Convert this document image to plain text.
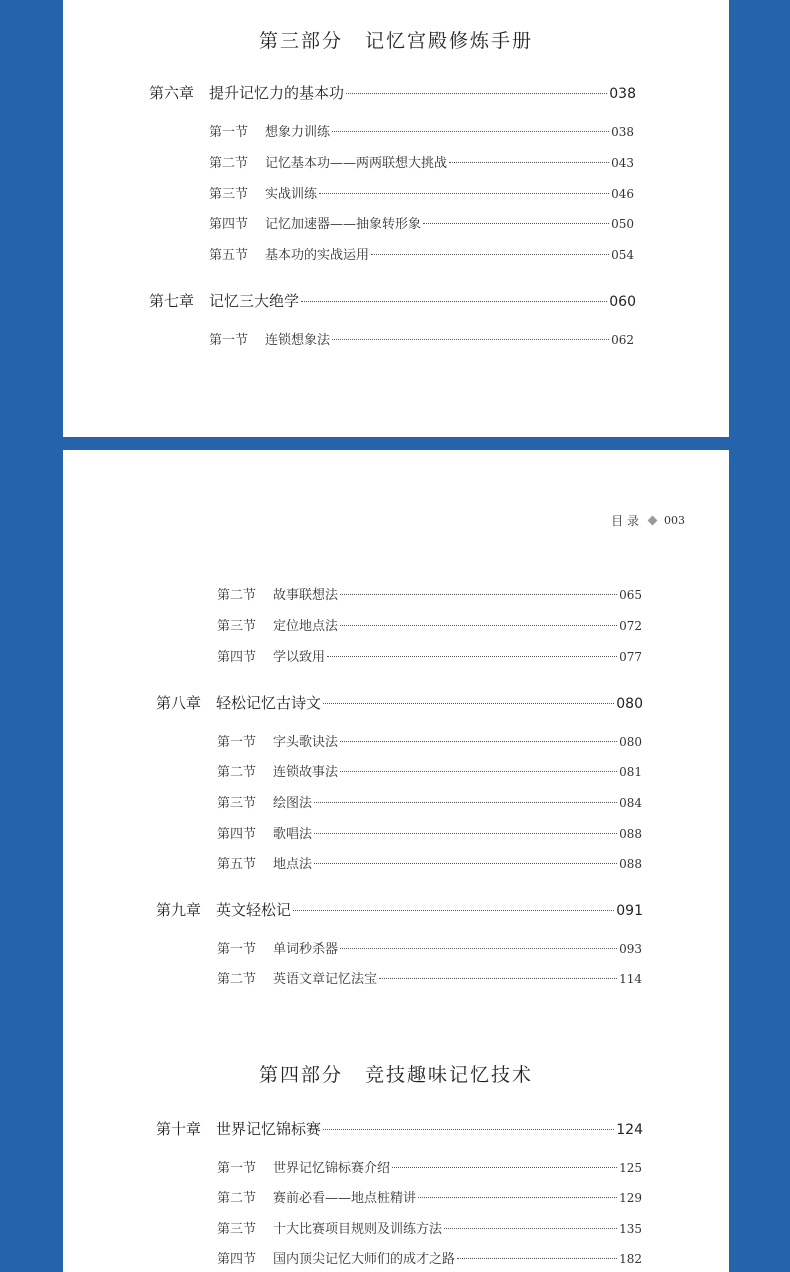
第三部分 记忆宫殿修炼手册
第六章 提升记忆力的基本功	038
第一节	想象力训练	038
第二节	记忆基本功——两两联想大挑战	043
第三节	实战训练	046
第四节	记忆加速器——抽象转形象	050
第五节	基本功的实战运用	054
第七章 记忆三大绝学	060
第一节	连锁想象法	062
目 录 003
第二节	故事联想法	065
第三节	定位地点法	072
第四节	学以致用	077
第八章 轻松记忆古诗文	080
第一节	字头歌诀法	080
第二节	连锁故事法	081
第三节	绘图法	084
第四节	歌唱法	088
第五节	地点法	088
第九章 英文轻松记	091
第一节	单词秒杀器	093
第二节	英语文章记忆法宝	114
第四部分 竞技趣味记忆技术
第十章 世界记忆锦标赛	124
第一节	世界记忆锦标赛介绍	125
第二节	赛前必看——地点桩精讲	129
第三节	十大比赛项目规则及训练方法	135
第四节	国内顶尖记忆大师们的成才之路	182
